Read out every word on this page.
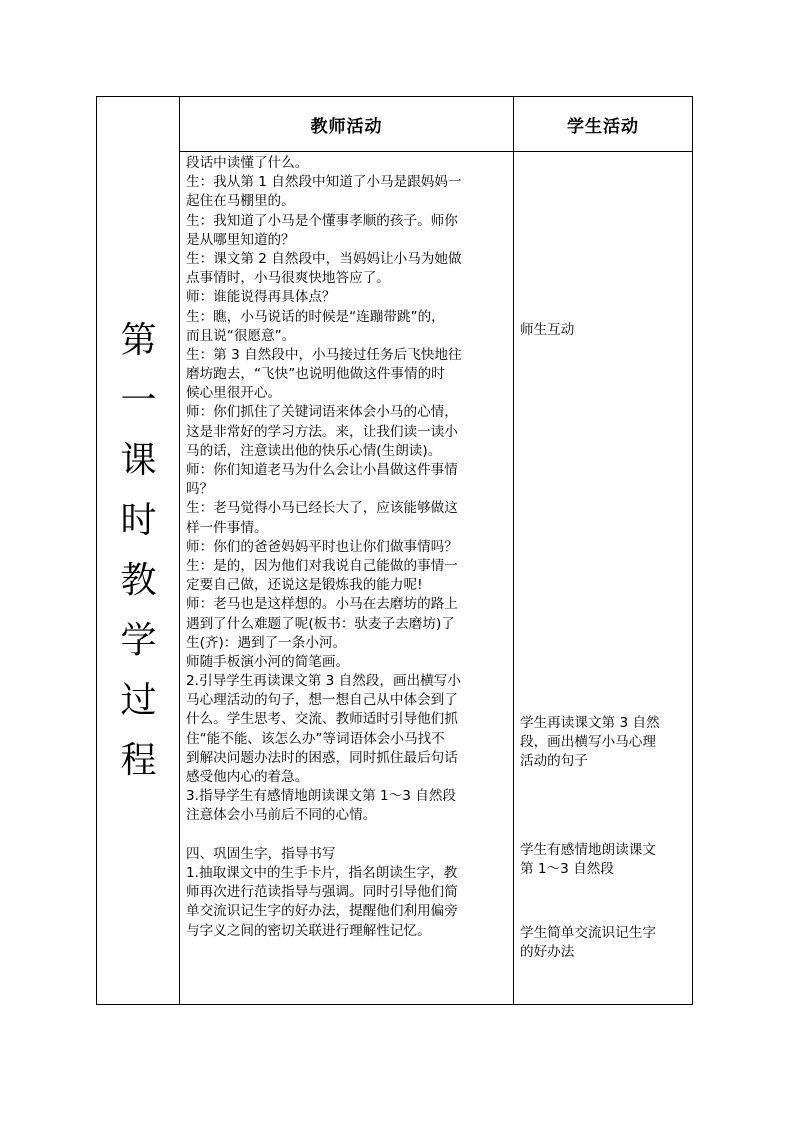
第
一
课
时
教
学
过
程
教师活动	学生活动
段话中读懂了什么。
生：我从第 1 自然段中知道了小马是跟妈妈一
起住在马棚里的。
生：我知道了小马是个懂事孝顺的孩子。师你
是从哪里知道的？
生：课文第 2 自然段中，当妈妈让小马为她做
点事情时，小马很爽快地答应了。
师：谁能说得再具体点？
生：瞧，小马说话的时候是“连蹦带跳”的，
而且说“很愿意”。
生：第 3 自然段中，小马接过任务后飞快地往
磨坊跑去，“飞快”也说明他做这件事情的时
候心里很开心。
师：你们抓住了关键词语来体会小马的心情，
这是非常好的学习方法。来，让我们读一读小
马的话，注意读出他的快乐心情(生朗读)。
师：你们知道老马为什么会让小昌做这件事情
吗？
生：老马觉得小马已经长大了，应该能够做这
样一件事情。
师：你们的爸爸妈妈平时也让你们做事情吗？
生：是的，因为他们对我说自己能做的事情一
定要自己做，还说这是锻炼我的能力呢!
师：老马也是这样想的。小马在去磨坊的路上
遇到了什么难题了呢(板书：驮麦子去磨坊)了
生(齐)：遇到了一条小河。
师随手板演小河的简笔画。
2.引导学生再读课文第 3 自然段，画出横写小
马心理活动的句子，想一想自己从中体会到了
什么。学生思考、交流、教师适时引导他们抓
住“能不能、该怎么办”等词语体会小马找不
到解决问题办法时的困惑，同时抓住最后句话
感受他内心的着急。
3.指导学生有感情地朗读课文第 1～3 自然段
注意体会小马前后不同的心情。
四、巩固生字，指导书写
1.抽取课文中的生手卡片，指名朗读生字，教
师再次进行范读指导与强调。同时引导他们简
单交流识记生字的好办法，提醒他们利用偏旁
与字义之间的密切关联进行理解性记忆。
师生互动
学生再读课文第 3 自然
段，画出横写小马心理
活动的句子
学生有感情地朗读课文
第 1～3 自然段
学生简单交流识记生字
的好办法
